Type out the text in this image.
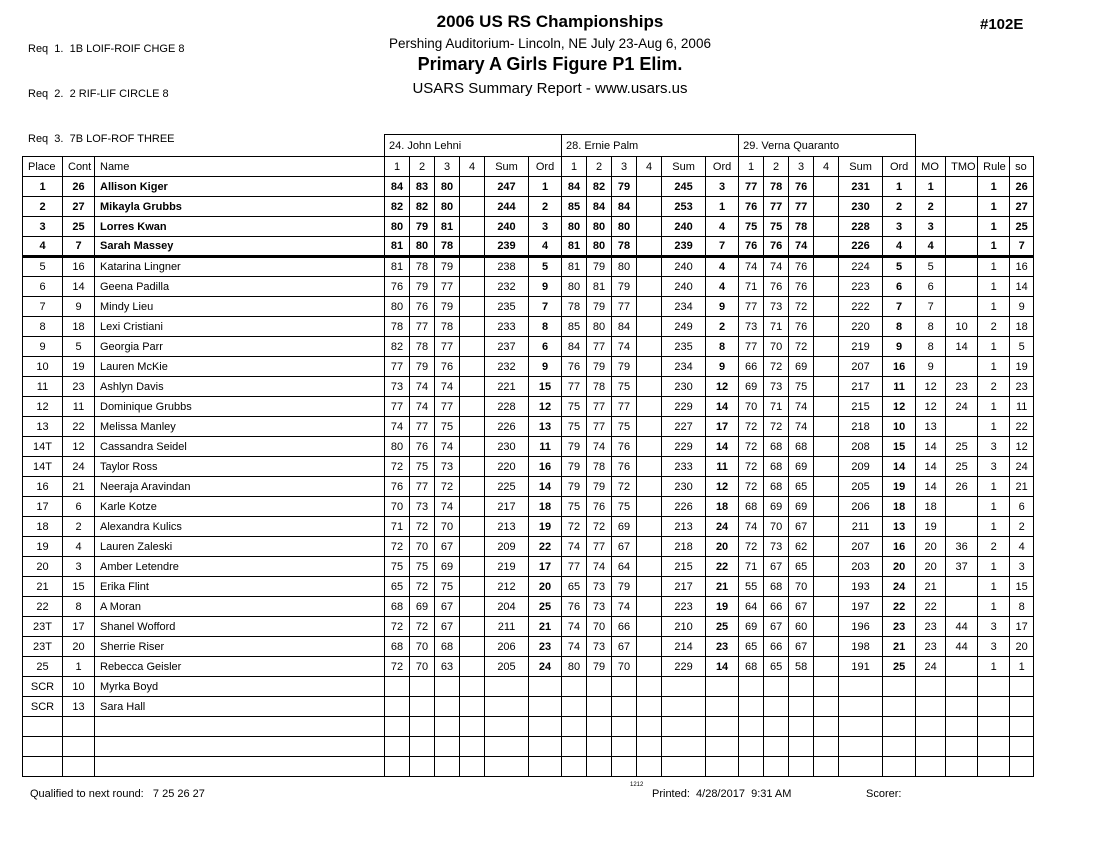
Req  1.  1B LOIF-ROIF CHGE 8

Req  2.  2 RIF-LIF CIRCLE 8

Req  3.  7B LOF-ROF THREE

#102E
2006 US RS Championships
Pershing Auditorium- Lincoln, NE July 23-Aug 6, 2006
Primary A Girls Figure P1 Elim.
USARS Summary Report - www.usars.us
			24. John Lehni						28. Ernie Palm						29. Verna Quaranto									
Place	Cont	Name	1	2	3	4	Sum	Ord	1	2	3	4	Sum	Ord	1	2	3	4	Sum	Ord	MO	TMO	Rule	so
1	26	Allison Kiger	84	83	80		247	1	84	82	79		245	3	77	78	76		231	1	1		1	26
2	27	Mikayla Grubbs	82	82	80		244	2	85	84	84		253	1	76	77	77		230	2	2		1	27
3	25	Lorres Kwan	80	79	81		240	3	80	80	80		240	4	75	75	78		228	3	3		1	25
4	7	Sarah Massey	81	80	78		239	4	81	80	78		239	7	76	76	74		226	4	4		1	7
5	16	Katarina Lingner	81	78	79		238	5	81	79	80		240	4	74	74	76		224	5	5		1	16
6	14	Geena Padilla	76	79	77		232	9	80	81	79		240	4	71	76	76		223	6	6		1	14
7	9	Mindy Lieu	80	76	79		235	7	78	79	77		234	9	77	73	72		222	7	7		1	9
8	18	Lexi Cristiani	78	77	78		233	8	85	80	84		249	2	73	71	76		220	8	8	10	2	18
9	5	Georgia Parr	82	78	77		237	6	84	77	74		235	8	77	70	72		219	9	8	14	1	5
10	19	Lauren McKie	77	79	76		232	9	76	79	79		234	9	66	72	69		207	16	9		1	19
11	23	Ashlyn Davis	73	74	74		221	15	77	78	75		230	12	69	73	75		217	11	12	23	2	23
12	11	Dominique Grubbs	77	74	77		228	12	75	77	77		229	14	70	71	74		215	12	12	24	1	11
13	22	Melissa Manley	74	77	75		226	13	75	77	75		227	17	72	72	74		218	10	13		1	22
14T	12	Cassandra Seidel	80	76	74		230	11	79	74	76		229	14	72	68	68		208	15	14	25	3	12
14T	24	Taylor Ross	72	75	73		220	16	79	78	76		233	11	72	68	69		209	14	14	25	3	24
16	21	Neeraja Aravindan	76	77	72		225	14	79	79	72		230	12	72	68	65		205	19	14	26	1	21
17	6	Karle Kotze	70	73	74		217	18	75	76	75		226	18	68	69	69		206	18	18		1	6
18	2	Alexandra Kulics	71	72	70		213	19	72	72	69		213	24	74	70	67		211	13	19		1	2
19	4	Lauren Zaleski	72	70	67		209	22	74	77	67		218	20	72	73	62		207	16	20	36	2	4
20	3	Amber Letendre	75	75	69		219	17	77	74	64		215	22	71	67	65		203	20	20	37	1	3
21	15	Erika Flint	65	72	75		212	20	65	73	79		217	21	55	68	70		193	24	21		1	15
22	8	A Moran	68	69	67		204	25	76	73	74		223	19	64	66	67		197	22	22		1	8
23T	17	Shanel Wofford	72	72	67		211	21	74	70	66		210	25	69	67	60		196	23	23	44	3	17
23T	20	Sherrie Riser	68	70	68		206	23	74	73	67		214	23	65	66	67		198	21	23	44	3	20
25	1	Rebecca Geisler	72	70	63		205	24	80	79	70		229	14	68	65	58		191	25	24		1	1
SCR	10	Myrka Boyd																						
SCR	13	Sara Hall																						

Qualified to next round:   7 25 26 27
1212
Printed:  4/28/2017  9:31 AM	Scorer:
